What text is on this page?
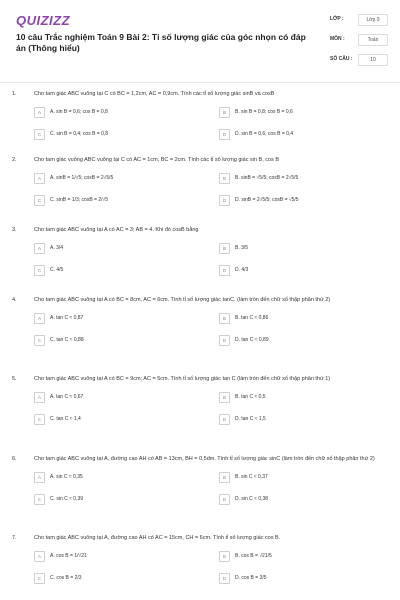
QUIZIZZ
10 câu Trắc nghiệm Toán 9 Bài 2: Tỉ số lượng giác của góc nhọn có đáp án (Thông hiểu)
LỚP :	Lớp 9
MÔN :	Toán
SỐ CÂU :	10
1.	Cho tam giác ABC vuông tại C có BC = 1,2cm, AC = 0,9cm. Tính các tỉ số lượng giác sinB và cosB
A	A. sin B = 0,6; cos B = 0,8	B	B. sin B = 0,8; cos B = 0,6
C	C. sin B = 0,4; cos B = 0,8	D	D. sin B = 0,6; cos B = 0,4
2.	Cho tam giác vuông ABC vuông tại C có AC = 1cm, BC = 2cm. Tính các tỉ số lượng giác sin B, cos B
A	A. sinB = 1/√5; cosB = 2√5/5	B	B. sinB = √5/5; cosB = 2√5/5
C	C. sinB = 1/3; cosB = 2/√5	D	D. sinB = 2√5/5; cosB = √5/5
3.	Cho tam giác ABC vuông tại A có AC = 3; AB = 4. Khi đó cosB bằng
A	A. 3/4	B	B. 3/5
C	C. 4/5	D	D. 4/3
4.	Cho tam giác ABC vuông tại A có BC = 8cm, AC = 6cm. Tính tỉ số lượng giác tanC. (làm tròn đến chữ số thập phân thứ 2)
A	A. tan C ≈ 0,87	B	B. tan C ≈ 0,86
C	C. tan C ≈ 0,88	D	D. tan C ≈ 0,89
5.	Cho tam giác ABC vuông tại A có BC = 9cm; AC = 5cm. Tính tỉ số lượng giác tan C (làm tròn đến chữ số thập phân thứ 1)
A	A. tan C ≈ 0,67	B	B. tan C ≈ 0,5
C	C. tan C ≈ 1,4	D	D. tan C ≈ 1,5
6.	Cho tam giác ABC vuông tại A, đường cao AH có AB = 13cm, BH = 0,5dm. Tính tỉ số lượng giác sinC (làm tròn đến chữ số thập phân thứ 2)
A	A. sin C ≈ 0,35	B	B. sin C ≈ 0,37
C	C. sin C ≈ 0,39	D	D. sin C ≈ 0,38
7.	Cho tam giác ABC vuông tại A, đường cao AH có AC = 15cm, CH = 6cm. Tính tỉ số lượng giác cos B.
A	A. cos B = 1/√21	B	B. cos B = √21/5
C	C. cos B = 2/3	D	D. cos B = 3/5
